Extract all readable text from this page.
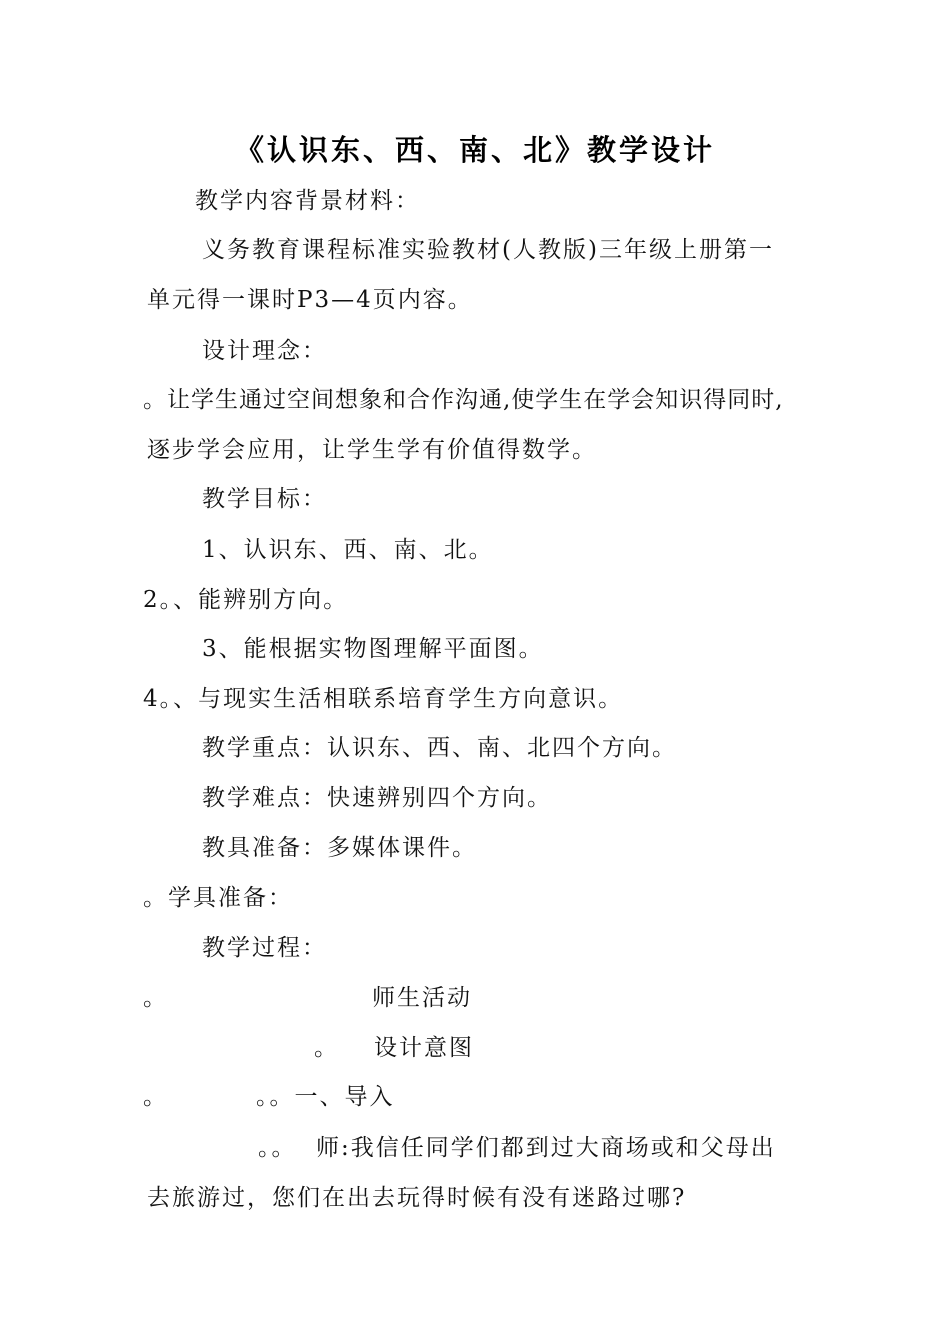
《认识东、西、南、北》教学设计
教学内容背景材料：
义务教育课程标准实验教材(人教版)三年级上册第一
单元得一课时P3—4页内容。
设计理念：
。让学生通过空间想象和合作沟通,使学生在学会知识得同时,
逐步学会应用，让学生学有价值得数学。
教学目标：
1、认识东、西、南、北。
2。、能辨别方向。
3、能根据实物图理解平面图。
4。、与现实生活相联系培育学生方向意识。
教学重点：认识东、西、南、北四个方向。
教学难点：快速辨别四个方向。
教具准备：多媒体课件。
。学具准备：
教学过程：
。	师生活动
。 设计意图
。	。。一、导入
。。 师:我信任同学们都到过大商场或和父母出
去旅游过，您们在出去玩得时候有没有迷路过哪?
